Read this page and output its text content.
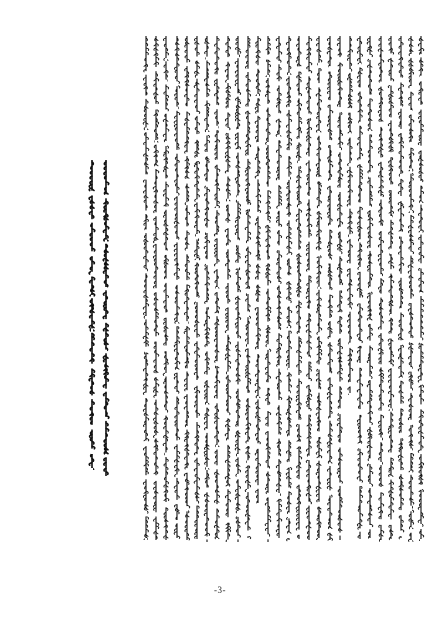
-3-
